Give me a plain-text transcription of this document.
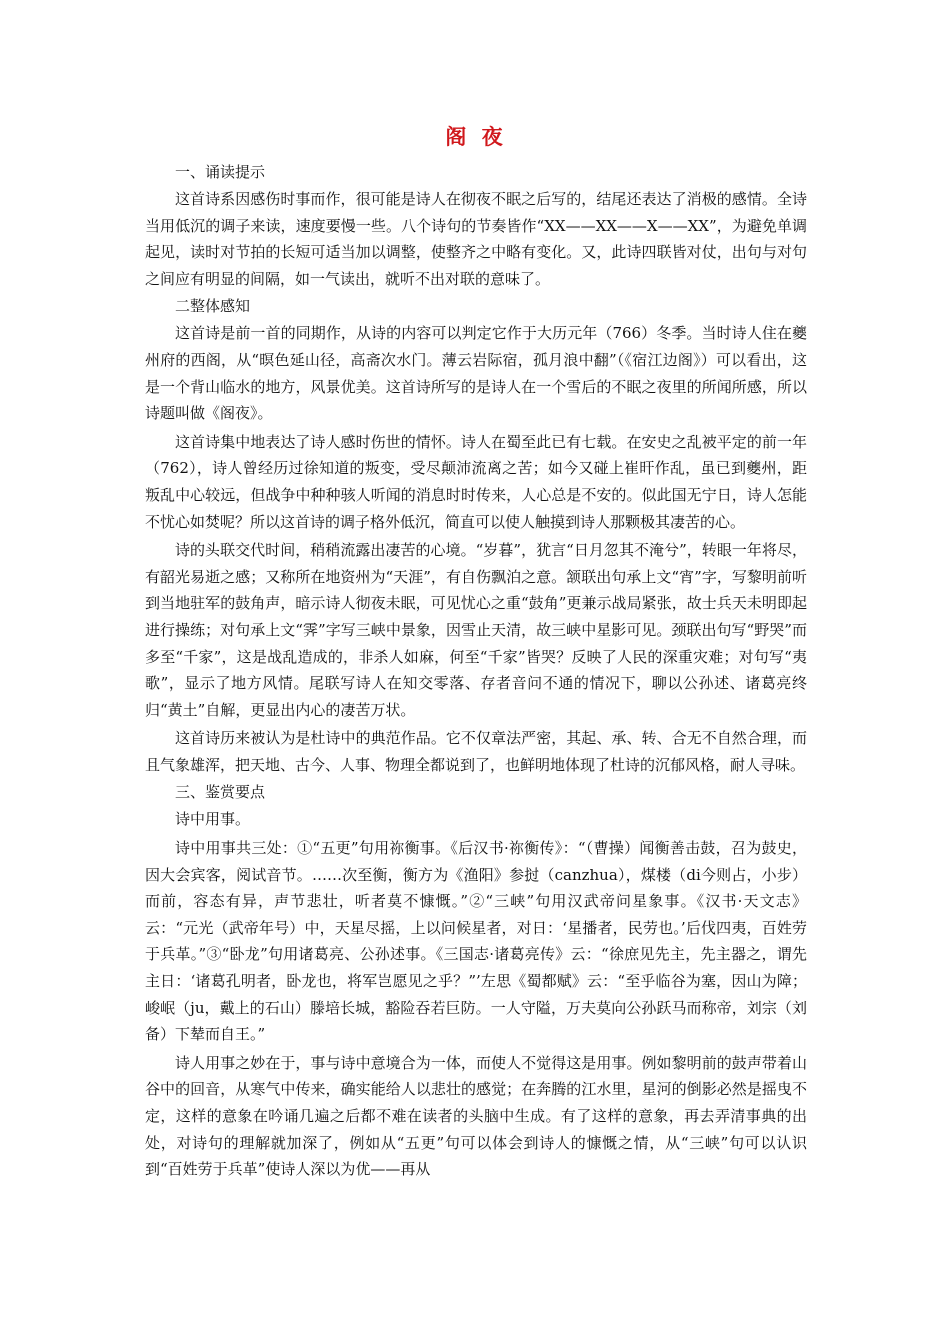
阁 夜
一、诵读提示

这首诗系因感伤时事而作，很可能是诗人在彻夜不眠之后写的，结尾还表达了消极的感情。全诗当用低沉的调子来读，速度要慢一些。八个诗句的节奏皆作“XX——XX——X——XX”，为避免单调起见，读时对节拍的长短可适当加以调整，使整齐之中略有变化。又，此诗四联皆对仗，出句与对句之间应有明显的间隔，如一气读出，就听不出对联的意味了。

二整体感知

这首诗是前一首的同期作，从诗的内容可以判定它作于大历元年（766）冬季。当时诗人住在夔州府的西阁，从“暝色延山径，高斋次水门。薄云岩际宿，孤月浪中翻”（《宿江边阁》）可以看出，这是一个背山临水的地方，风景优美。这首诗所写的是诗人在一个雪后的不眠之夜里的所闻所感，所以诗题叫做《阁夜》。

这首诗集中地表达了诗人感时伤世的情怀。诗人在蜀至此已有七载。在安史之乱被平定的前一年（762），诗人曾经历过徐知道的叛变，受尽颠沛流离之苦；如今又碰上崔旰作乱，虽已到夔州，距叛乱中心较远，但战争中种种骇人听闻的消息时时传来，人心总是不安的。似此国无宁日，诗人怎能不忧心如焚呢？所以这首诗的调子格外低沉，简直可以使人触摸到诗人那颗极其凄苦的心。

诗的头联交代时间，稍稍流露出凄苦的心境。“岁暮”，犹言“日月忽其不淹兮”，转眼一年将尽，有韶光易逝之感；又称所在地资州为“天涯”，有自伤飘泊之意。颔联出句承上文“宵”字，写黎明前听到当地驻军的鼓角声，暗示诗人彻夜未眠，可见忧心之重“鼓角”更兼示战局紧张，故士兵天未明即起进行操练；对句承上文“霁”字写三峡中景象，因雪止天清，故三峡中星影可见。颈联出句写“野哭”而多至“千家”，这是战乱造成的，非杀人如麻，何至“千家”皆哭？反映了人民的深重灾难；对句写“夷歌”，显示了地方风情。尾联写诗人在知交零落、存者音问不通的情况下，聊以公孙述、诸葛亮终归“黄土”自解，更显出内心的凄苦万状。

这首诗历来被认为是杜诗中的典范作品。它不仅章法严密，其起、承、转、合无不自然合理，而且气象雄浑，把天地、古今、人事、物理全都说到了，也鲜明地体现了杜诗的沉郁风格，耐人寻味。

三、鉴赏要点

诗中用事。

诗中用事共三处：①“五更”句用祢衡事。《后汉书·祢衡传》：“（曹操）闻衡善击鼓，召为鼓史，因大会宾客，阅试音节。……次至衡，衡方为《渔阳》参挝（canzhua），煤楼（di今则占，小步）而前，容态有异，声节悲壮，听者莫不慷慨。”②“三峡”句用汉武帝问星象事。《汉书·天文志》云：“元光（武帝年号）中，天星尽摇，上以问候星者，对日：‘星播者，民劳也。’后伐四夷，百姓劳于兵革。”③“卧龙”句用诸葛亮、公孙述事。《三国志·诸葛亮传》云：“徐庶见先主，先主器之，谓先主日：‘诸葛孔明者，卧龙也，将军岂愿见之乎？”’左思《蜀都赋》云：“至乎临谷为塞，因山为障；峻岷（ju，戴上的石山）滕培长城，豁险吞若巨防。一人守隘，万夫莫向公孙跃马而称帝，刘宗（刘备）下辇而自王。”

诗人用事之妙在于，事与诗中意境合为一体，而使人不觉得这是用事。例如黎明前的鼓声带着山谷中的回音，从寒气中传来，确实能给人以悲壮的感觉；在奔腾的江水里，星河的倒影必然是摇曳不定，这样的意象在吟诵几遍之后都不难在读者的头脑中生成。有了这样的意象，再去弄清事典的出处，对诗句的理解就加深了，例如从“五更”句可以体会到诗人的慷慨之情，从“三峡”句可以认识到“百姓劳于兵革”使诗人深以为优——再从
